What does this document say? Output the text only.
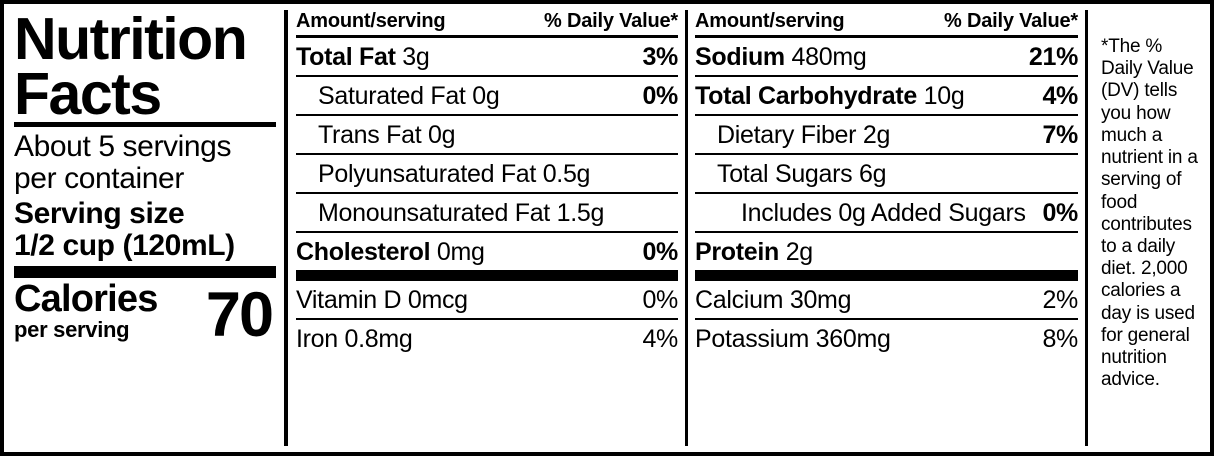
Nutrition
Facts
About 5 servings per container
Serving size
1/2 cup (120mL)
Calories
per serving	70
Amount/serving	% Daily Value*
Total Fat 3g	3%
Saturated Fat 0g	0%
Trans Fat 0g
Polyunsaturated Fat 0.5g
Monounsaturated Fat 1.5g
Cholesterol 0mg	0%
Vitamin D 0mcg	0%
Iron 0.8mg	4%
Amount/serving	% Daily Value*
Sodium 480mg	21%
Total Carbohydrate 10g	4%
Dietary Fiber 2g	7%
Total Sugars 6g
Includes 0g Added Sugars 0%
Protein 2g
Calcium 30mg	2%
Potassium 360mg	8%
*The % Daily Value (DV) tells you how much a nutrient in a serving of food contributes to a daily diet. 2,000 calories a day is used for general nutrition advice.
